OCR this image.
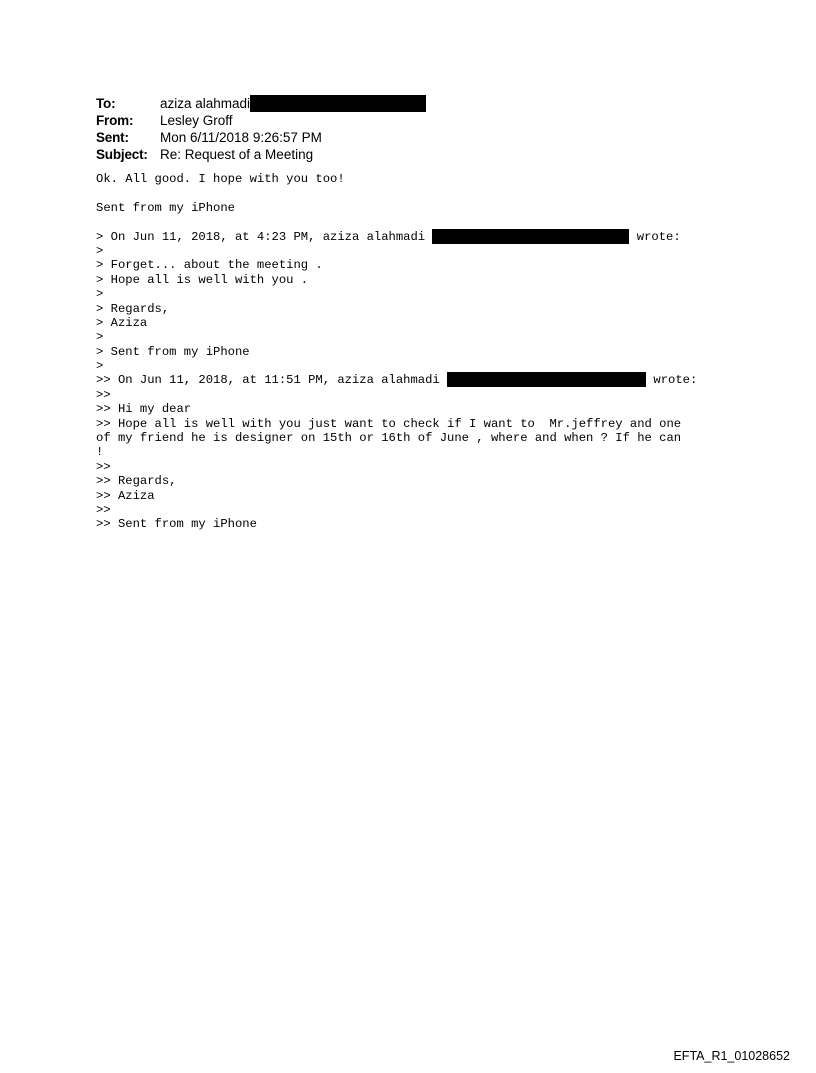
To:	aziza alahmadi
From:	Lesley Groff
Sent:	Mon 6/11/2018 9:26:57 PM
Subject: Re: Request of a Meeting
Ok. All good. I hope with you too!
Sent from my iPhone
> On Jun 11, 2018, at 4:23 PM, aziza alahmadi	wrote:
>
> Forget... about the meeting .
> Hope all is well with you .
>
> Regards,
> Aziza
>
> Sent from my iPhone
>
>> On Jun 11, 2018, at 11:51 PM, aziza alahmadi	wrote:
>>
>> Hi my dear
>> Hope all is well with you just want to check if I want to  Mr.jeffrey and one
of my friend he is designer on 15th or 16th of June , where and when ? If he can
!
>>
>> Regards,
>> Aziza
>>
>> Sent from my iPhone
EFTA_R1_01028652
